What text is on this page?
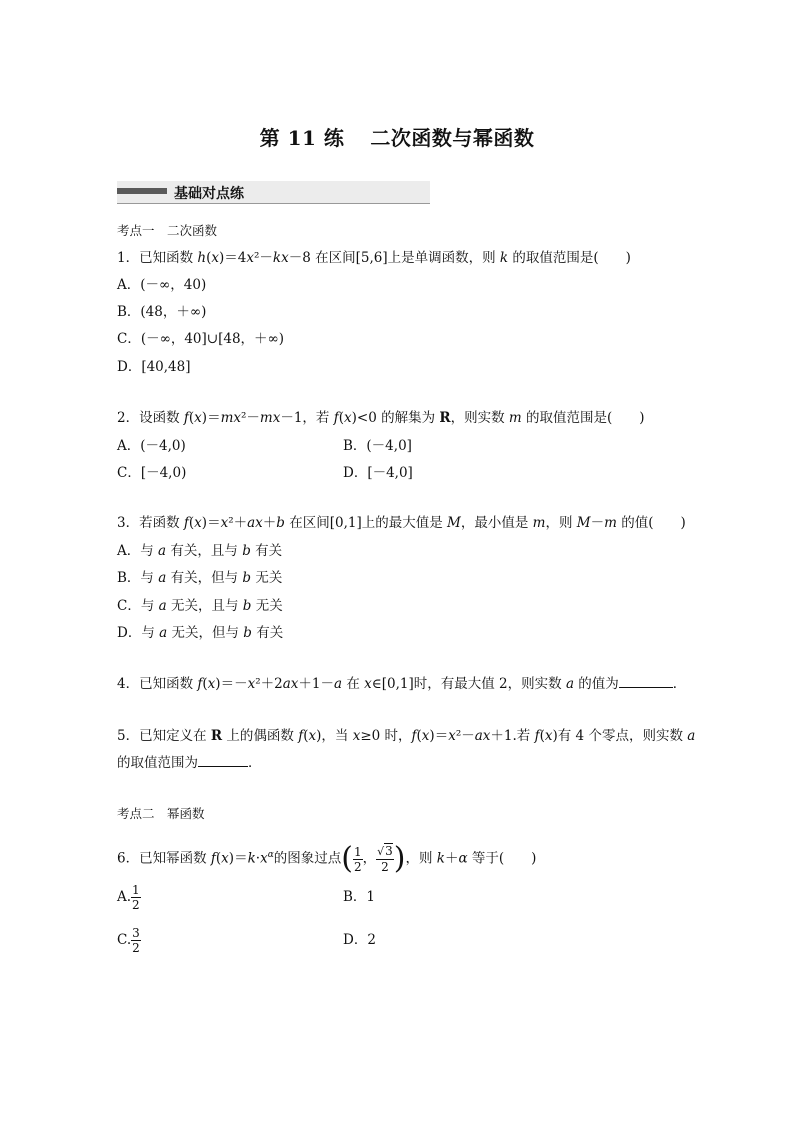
第 11 练 二次函数与幂函数
基础对点练
考点一　二次函数
1．已知函数 h(x)＝4x²－kx－8 在区间[5,6]上是单调函数，则 k 的取值范围是(　　)
A．(－∞，40)
B．(48，＋∞)
C．(－∞，40]∪[48，＋∞)
D．[40,48]
2．设函数 f(x)＝mx²－mx－1，若 f(x)<0 的解集为 R，则实数 m 的取值范围是(　　)
A．(－4,0)	B．(－4,0]
C．[－4,0)	D．[－4,0]
3．若函数 f(x)＝x²＋ax＋b 在区间[0,1]上的最大值是 M，最小值是 m，则 M－m 的值(　　)
A．与 a 有关，且与 b 有关
B．与 a 有关，但与 b 无关
C．与 a 无关，且与 b 无关
D．与 a 无关，但与 b 有关
4．已知函数 f(x)＝－x²＋2ax＋1－a 在 x∈[0,1]时，有最大值 2，则实数 a 的值为	．
5．已知定义在 R 上的偶函数 f(x)，当 x≥0 时，f(x)＝x²－ax＋1.若 f(x)有 4 个零点，则实数 a
的取值范围为	．
考点二　幂函数
6．已知幂函数 $f(x)=k\cdot x^\alpha$的图象过点( $\frac{1}{2}$ ， $\frac{√3}{2}$ )，则 k＋α 等于(　　)
A. $\frac{1}{2}$	B．1
C. $\frac{3}{2}$	D．2
